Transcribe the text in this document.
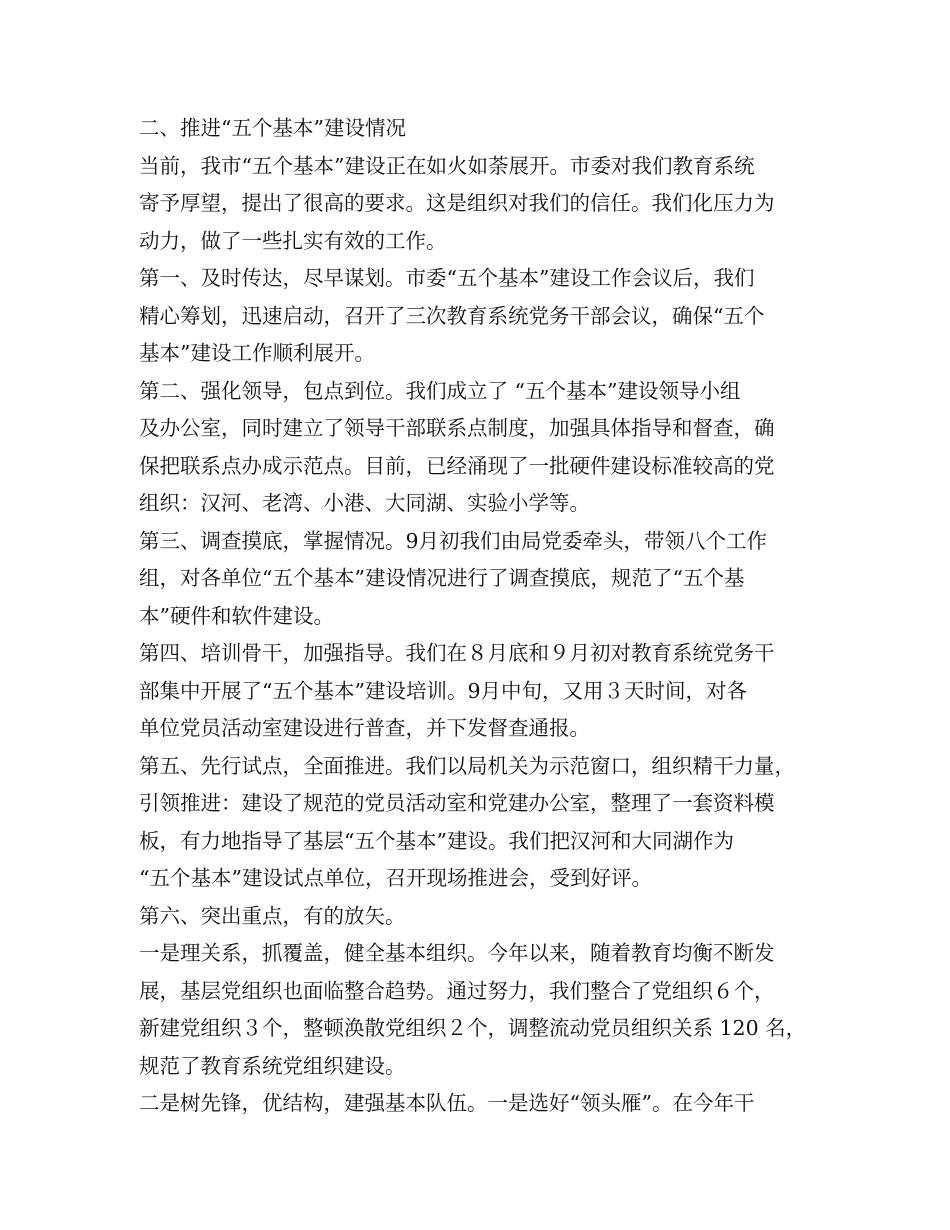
二、推进“五个基本”建设情况
当前，我市“五个基本”建设正在如火如荼展开。市委对我们教育系统
寄予厚望，提出了很高的要求。这是组织对我们的信任。我们化压力为
动力，做了一些扎实有效的工作。
第一、及时传达，尽早谋划。市委“五个基本”建设工作会议后，我们
精心筹划，迅速启动，召开了三次教育系统党务干部会议，确保“五个
基本”建设工作顺利展开。
第二、强化领导，包点到位。我们成立了 “五个基本”建设领导小组
及办公室，同时建立了领导干部联系点制度，加强具体指导和督查，确
保把联系点办成示范点。目前，已经涌现了一批硬件建设标准较高的党
组织：汉河、老湾、小港、大同湖、实验小学等。
第三、调查摸底，掌握情况。9月初我们由局党委牵头，带领八个工作
组，对各单位“五个基本”建设情况进行了调查摸底，规范了“五个基
本”硬件和软件建设。
第四、培训骨干，加强指导。我们在８月底和９月初对教育系统党务干
部集中开展了“五个基本”建设培训。9月中旬，又用３天时间，对各
单位党员活动室建设进行普查，并下发督查通报。
第五、先行试点，全面推进。我们以局机关为示范窗口，组织精干力量，
引领推进：建设了规范的党员活动室和党建办公室，整理了一套资料模
板，有力地指导了基层“五个基本”建设。我们把汉河和大同湖作为
“五个基本”建设试点单位，召开现场推进会，受到好评。
第六、突出重点，有的放矢。
一是理关系，抓覆盖，健全基本组织。今年以来，随着教育均衡不断发
展，基层党组织也面临整合趋势。通过努力，我们整合了党组织６个，
新建党组织３个，整顿涣散党组织２个，调整流动党员组织关系 120 名，
规范了教育系统党组织建设。
二是树先锋，优结构，建强基本队伍。一是选好“领头雁”。在今年干
